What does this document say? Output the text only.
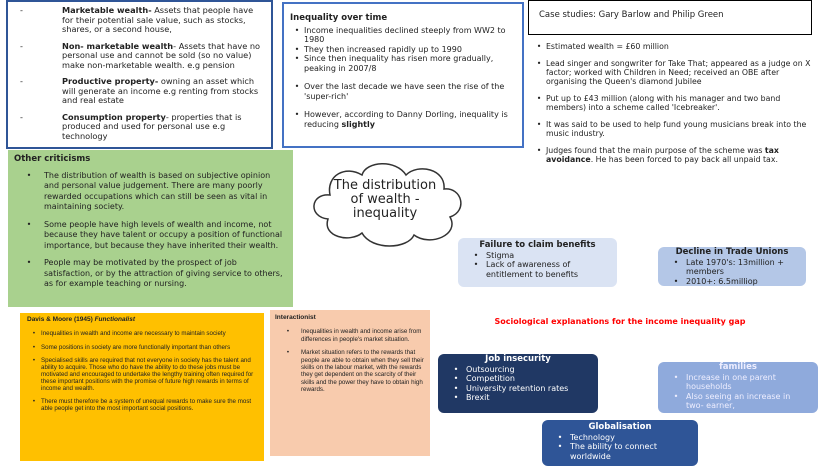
-	Marketable wealth- Assets that people have for their potential sale value, such as stocks, shares, or a second house,
-	Non- marketable wealth- Assets that have no personal use and cannot be sold (so no value) make non-marketable wealth. e.g pension
-	Productive property- owning an asset which will generate an income e.g renting from stocks and real estate
-	Consumption property- properties that is produced and used for personal use e.g technology
Inequality over time
• Income inequalities declined steeply from WW2 to 1980
• They then increased rapidly up to 1990
• Since then inequality has risen more gradually, peaking in 2007/8
• Over the last decade we have seen the rise of the 'super-rich'
• However, according to Danny Dorling, inequality is reducing slightly
Case studies: Gary Barlow and Philip Green
• Estimated wealth = £60 million
• Lead singer and songwriter for Take That; appeared as a judge on X factor; worked with Children in Need; received an OBE after organising the Queen's diamond Jubilee
• Put up to £43 million (along with his manager and two band members) into a scheme called 'Icebreaker'.
• It was said to be used to help fund young musicians break into the music industry.
• Judges found that the main purpose of the scheme was tax avoidance. He has been forced to pay back all unpaid tax.
Other criticisms
•	The distribution of wealth is based on subjective opinion and personal value judgement. There are many poorly rewarded occupations which can still be seen as vital in maintaining society.
•	Some people have high levels of wealth and income, not because they have talent or occupy a position of functional importance, but because they have inherited their wealth.
•	People may be motivated by the prospect of job satisfaction, or by the attraction of giving service to others, as for example teaching or nursing.
The distribution of wealth -inequality
Davis & Moore (1945) Functionalist
• Inequalities in wealth and income are necessary to maintain society
• Some positions in society are more functionally important than others
• Specialised skills are required that not everyone in society has the talent and ability to acquire. Those who do have the ability to do these jobs must be motivated and encouraged to undertake the lengthy training often required for these important positions with the promise of future high rewards in terms of income and wealth.
• There must therefore be a system of unequal rewards to make sure the most able people get into the most important social positions.
Interactionist
•	Inequalities in wealth and income arise from differences in people's market situation.
•	Market situation refers to the rewards that people are able to obtain when they sell their skills on the labour market, with the rewards they get dependent on the scarcity of their skills and the power they have to obtain high rewards.
Failure to claim benefits
• Stigma
• Lack of awareness of entitlement to benefits
Decline in Trade Unions
• Late 1970's: 13million + members
• 2010+: 6.5milliop
Sociological explanations for the income inequality gap
Job insecurity
• Outsourcing
• Competition
• University retention rates
• Brexit
families
• Increase in one parent households
• Also seeing an increase in two- earner,
Globalisation
• Technology
• The ability to connect worldwide
